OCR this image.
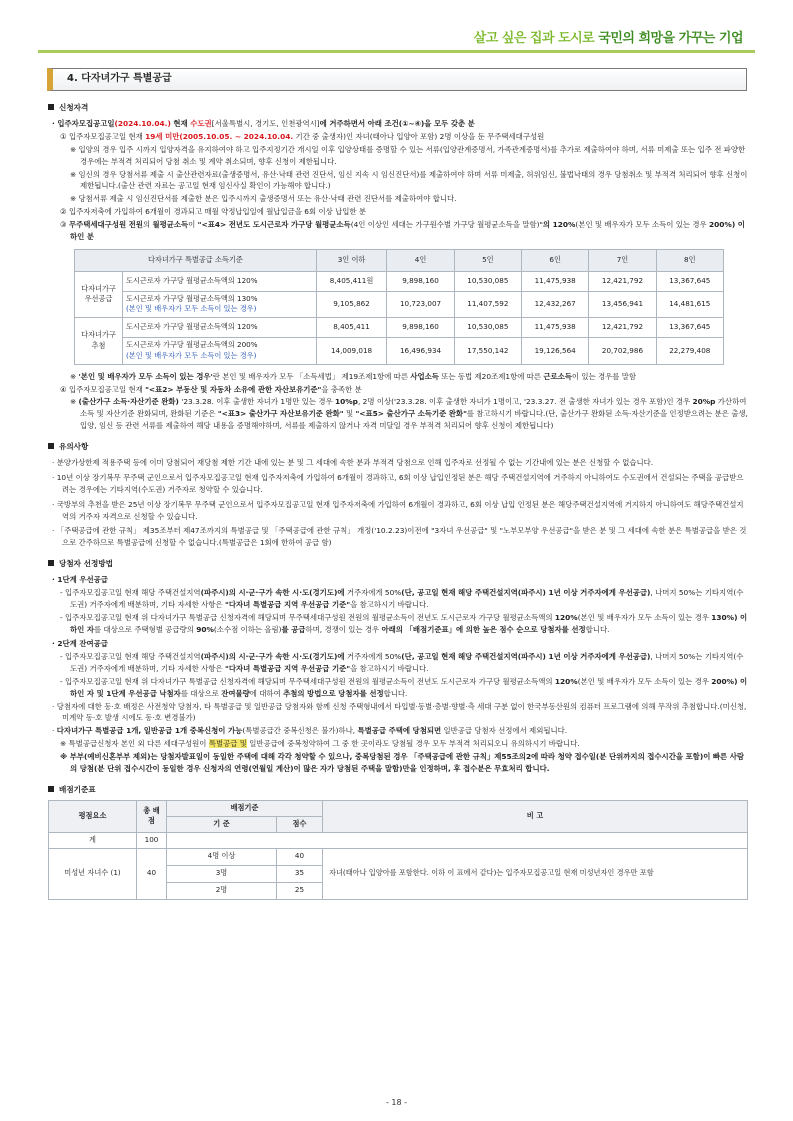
살고 싶은 집과 도시로 국민의 희망을 가꾸는 기업
4. 다자녀가구 특별공급
신청자격
· 입주자모집공고일(2024.10.04.) 현재 수도권[서울특별시, 경기도, 인천광역시]에 거주하면서 아래 조건(①~④)을 모두 갖춘 분
① 입주자모집공고일 현재 19세 미만(2005.10.05. ~ 2024.10.04. 기간 중 출생자)인 자녀(태아나 입양아 포함) 2명 이상을 둔 무주택세대구성원
※ 입양의 경우 입주 시까지 입양자격을 유지하여야 하고 입주지정기간 개시일 이후 입양상태를 증명할 수 있는 서류(입양관계증명서, 가족관계증명서)를 추가로 제출하여야 하며, 서류 미제출 또는 입주 전 파양한 경우에는 부적격 처리되어 당첨 취소 및 계약 취소되며, 향후 신청이 제한됩니다.
※ 임신의 경우 당첨서류 제출 시 출산관련자료(출생증명서, 유산·낙태 관련 진단서, 임신 지속 시 임신진단서)를 제출하여야 하며 서류 미제출, 허위임신, 불법낙태의 경우 당첨취소 및 부적격 처리되어 향후 신청이 제한됩니다.(출산 관련 자료는 공고일 현재 임신사실 확인이 가능해야 합니다.)
※ 당첨서류 제출 시 임신진단서를 제출한 분은 입주시까지 출생증명서 또는 유산·낙태 관련 진단서를 제출하여야 합니다.
② 입주자저축에 가입하여 6개월이 경과되고 매월 약정납입일에 월납입금을 6회 이상 납입한 분
③ 무주택세대구성원 전원의 월평균소득이 "<표4> 전년도 도시근로자 가구당 월평균소득(4인 이상인 세대는 가구원수별 가구당 월평균소득을 말함)"의 120%(본인 및 배우자가 모두 소득이 있는 경우 200%) 이하인 분
다자녀가구 특별공급 소득기준		3인 이하	4인	5인	6인	7인	8인
다자녀가구 우선공급	도시근로자 가구당 월평균소득액의 120%	8,405,411원	9,898,160	10,530,085	11,475,938	12,421,792	13,367,645
	도시근로자 가구당 월평균소득액의 130%
(본인 및 배우자가 모두 소득이 있는 경우)	9,105,862	10,723,007	11,407,592	12,432,267	13,456,941	14,481,615
다자녀가구 추첨	도시근로자 가구당 월평균소득액의 120%	8,405,411	9,898,160	10,530,085	11,475,938	12,421,792	13,367,645
	도시근로자 가구당 월평균소득액의 200%
(본인 및 배우자가 모두 소득이 있는 경우)	14,009,018	16,496,934	17,550,142	19,126,564	20,702,986	22,279,408
※ '본인 및 배우자가 모두 소득이 있는 경우'란 본인 및 배우자가 모두 「소득세법」 제19조제1항에 따른 사업소득 또는 동법 제20조제1항에 따른 근로소득이 있는 경우를 말함
④ 입주자모집공고일 현재 "<표2> 부동산 및 자동차 소유에 관한 자산보유기준"을 충족한 분
※ (출산가구 소득·자산기준 완화) '23.3.28. 이후 출생한 자녀가 1명만 있는 경우 10%p, 2명 이상('23.3.28. 이후 출생한 자녀가 1명이고, '23.3.27. 전 출생한 자녀가 있는 경우 포함)인 경우 20%p 가산하여 소득 및 자산기준 완화되며, 완화된 기준은 "<표3> 출산가구 자산보유기준 완화" 및 "<표5> 출산가구 소득기준 완화"를 참고하시기 바랍니다.(단, 출산가구 완화된 소득·자산기준을 인정받으려는 분은 출생, 입양, 임신 등 관련 서류를 제출하여 해당 내용을 증명해야하며, 서류를 제출하지 않거나 자격 미달일 경우 부적격 처리되어 향후 신청이 제한됩니다)
유의사항
· 분양가상한제 적용주택 등에 이미 당첨되어 재당첨 제한 기간 내에 있는 분 및 그 세대에 속한 분과 부적격 당첨으로 인해 입주자로 선정될 수 없는 기간내에 있는 분은 신청할 수 없습니다.
· 10년 이상 장기복무 무주택 군인으로서 입주자모집공고일 현재 입주자저축에 가입하여 6개월이 경과하고, 6회 이상 납입인정된 분은 해당 주택건설지역에 거주하지 아니하여도 수도권에서 건설되는 주택을 공급받으려는 경우에는 기타지역(수도권) 거주자로 청약할 수 있습니다.
· 국방부의 추천을 받은 25년 이상 장기복무 무주택 군인으로서 입주자모집공고일 현재 입주자저축에 가입하여 6개월이 경과하고, 6회 이상 납입 인정된 분은 해당주택건설지역에 거지하지 아니하여도 해당주택건설지역의 거주자 자격으로 신청할 수 있습니다.
· 「주택공급에 관한 규칙」 제35조부터 제47조까지의 특별공급 및 「주택공급에 관한 규칙」 개정('10.2.23)이전에 "3자녀 우선공급" 및 "노부모부양 우선공급"을 받은 분 및 그 세대에 속한 분은 특별공급을 받은 것으로 간주하므로 특별공급에 신청할 수 없습니다.(특별공급은 1회에 한하여 공급 함)
당첨자 선정방법
· 1단계 우선공급
- 입주자모집공고일 현재 해당 주택건설지역(파주시)의 시·군·구가 속한 시·도(경기도)에 거주자에게 50%(단, 공고일 현재 해당 주택건설지역(파주시) 1년 이상 거주자에게 우선공급), 나머지 50%는 기타지역(수도권) 거주자에게 배분하며, 기타 자세한 사항은 "다자녀 특별공급 지역 우선공급 기준"을 참고하시기 바랍니다.
- 입주자모집공고일 현재 위 다자녀가구 특별공급 신청자격에 해당되며 무주택세대구성원 전원의 월평균소득이 전년도 도시근로자 가구당 월평균소득액의 120%(본인 및 배우자가 모두 소득이 있는 경우 130%) 이하인 자를 대상으로 주택형별 공급량의 90%(소수점 이하는 올림)를 공급하며, 경쟁이 있는 경우 아래의 「배점기준표」에 의한 높은 점수 순으로 당첨자를 선정합니다.
· 2단계 잔여공급
- 입주자모집공고일 현재 해당 주택건설지역(파주시)의 시·군·구가 속한 시·도(경기도)에 거주자에게 50%(단, 공고일 현재 해당 주택건설지역(파주시) 1년 이상 거주자에게 우선공급), 나머지 50%는 기타지역(수도권) 거주자에게 배분하며, 기타 자세한 사항은 "다자녀 특별공급 지역 우선공급 기준"을 참고하시기 바랍니다.
- 입주자모집공고일 현재 위 다자녀가구 특별공급 신청자격에 해당되며 무주택세대구성원 전원의 월평균소득이 전년도 도시근로자 가구당 월평균소득액의 120%(본인 및 배우자가 모두 소득이 있는 경우 200%) 이하인 자 및 1단계 우선공급 낙첨자를 대상으로 잔여물량에 대하여 추첨의 방법으로 당첨자를 선정합니다.
· 당첨자에 대한 동·호 배정은 사전청약 당첨자, 타 특별공급 및 일반공급 당첨자와 함께 신청 주택형내에서 타입별·동별·층별·향별·측 세대 구분 없이 한국부동산원의 컴퓨터 프로그램에 의해 무작위 추첨합니다.(미신청, 미계약 동·호 발생 시에도 동·호 변경불가)
· 다자녀가구 특별공급 1개, 일반공급 1개 중복신청이 가능(특별공급간 중복신청은 불가)하나, 특별공급 주택에 당첨되면 일반공급 당첨자 선정에서 제외됩니다.
※ 특별공급신청자 본인 외 다른 세대구성원이 특별공급 및 일반공급에 중복청약하여 그 중 한 곳이라도 당첨될 경우 모두 부적격 처리되오니 유의하시기 바랍니다.
※ 부부(예비신혼부부 제외)는 당첨자발표일이 동일한 주택에 대해 각각 청약할 수 있으나, 중복당첨된 경우 「주택공급에 관한 규칙」제55조의2에 따라 청약 접수일(분 단위까지의 접수시간을 포함)이 빠른 사람의 당첨(분 단위 접수시간이 동일한 경우 신청자의 연령(연월일 계산)이 많은 자가 당첨된 주택을 말함)만을 인정하며, 후 접수분은 무효처리 합니다.
배점기준표
평점요소	총 배점	배점기준		비 고
		기 준	점수	
계	100			
미성년 자녀수 (1)	40	4명 이상	40	자녀(태아나 입양아를 포함한다. 이하 이 표에서 같다)는 입주자모집공고일 현재 미성년자인 경우만 포함
		3명	35	
		2명	25	
- 18 -
